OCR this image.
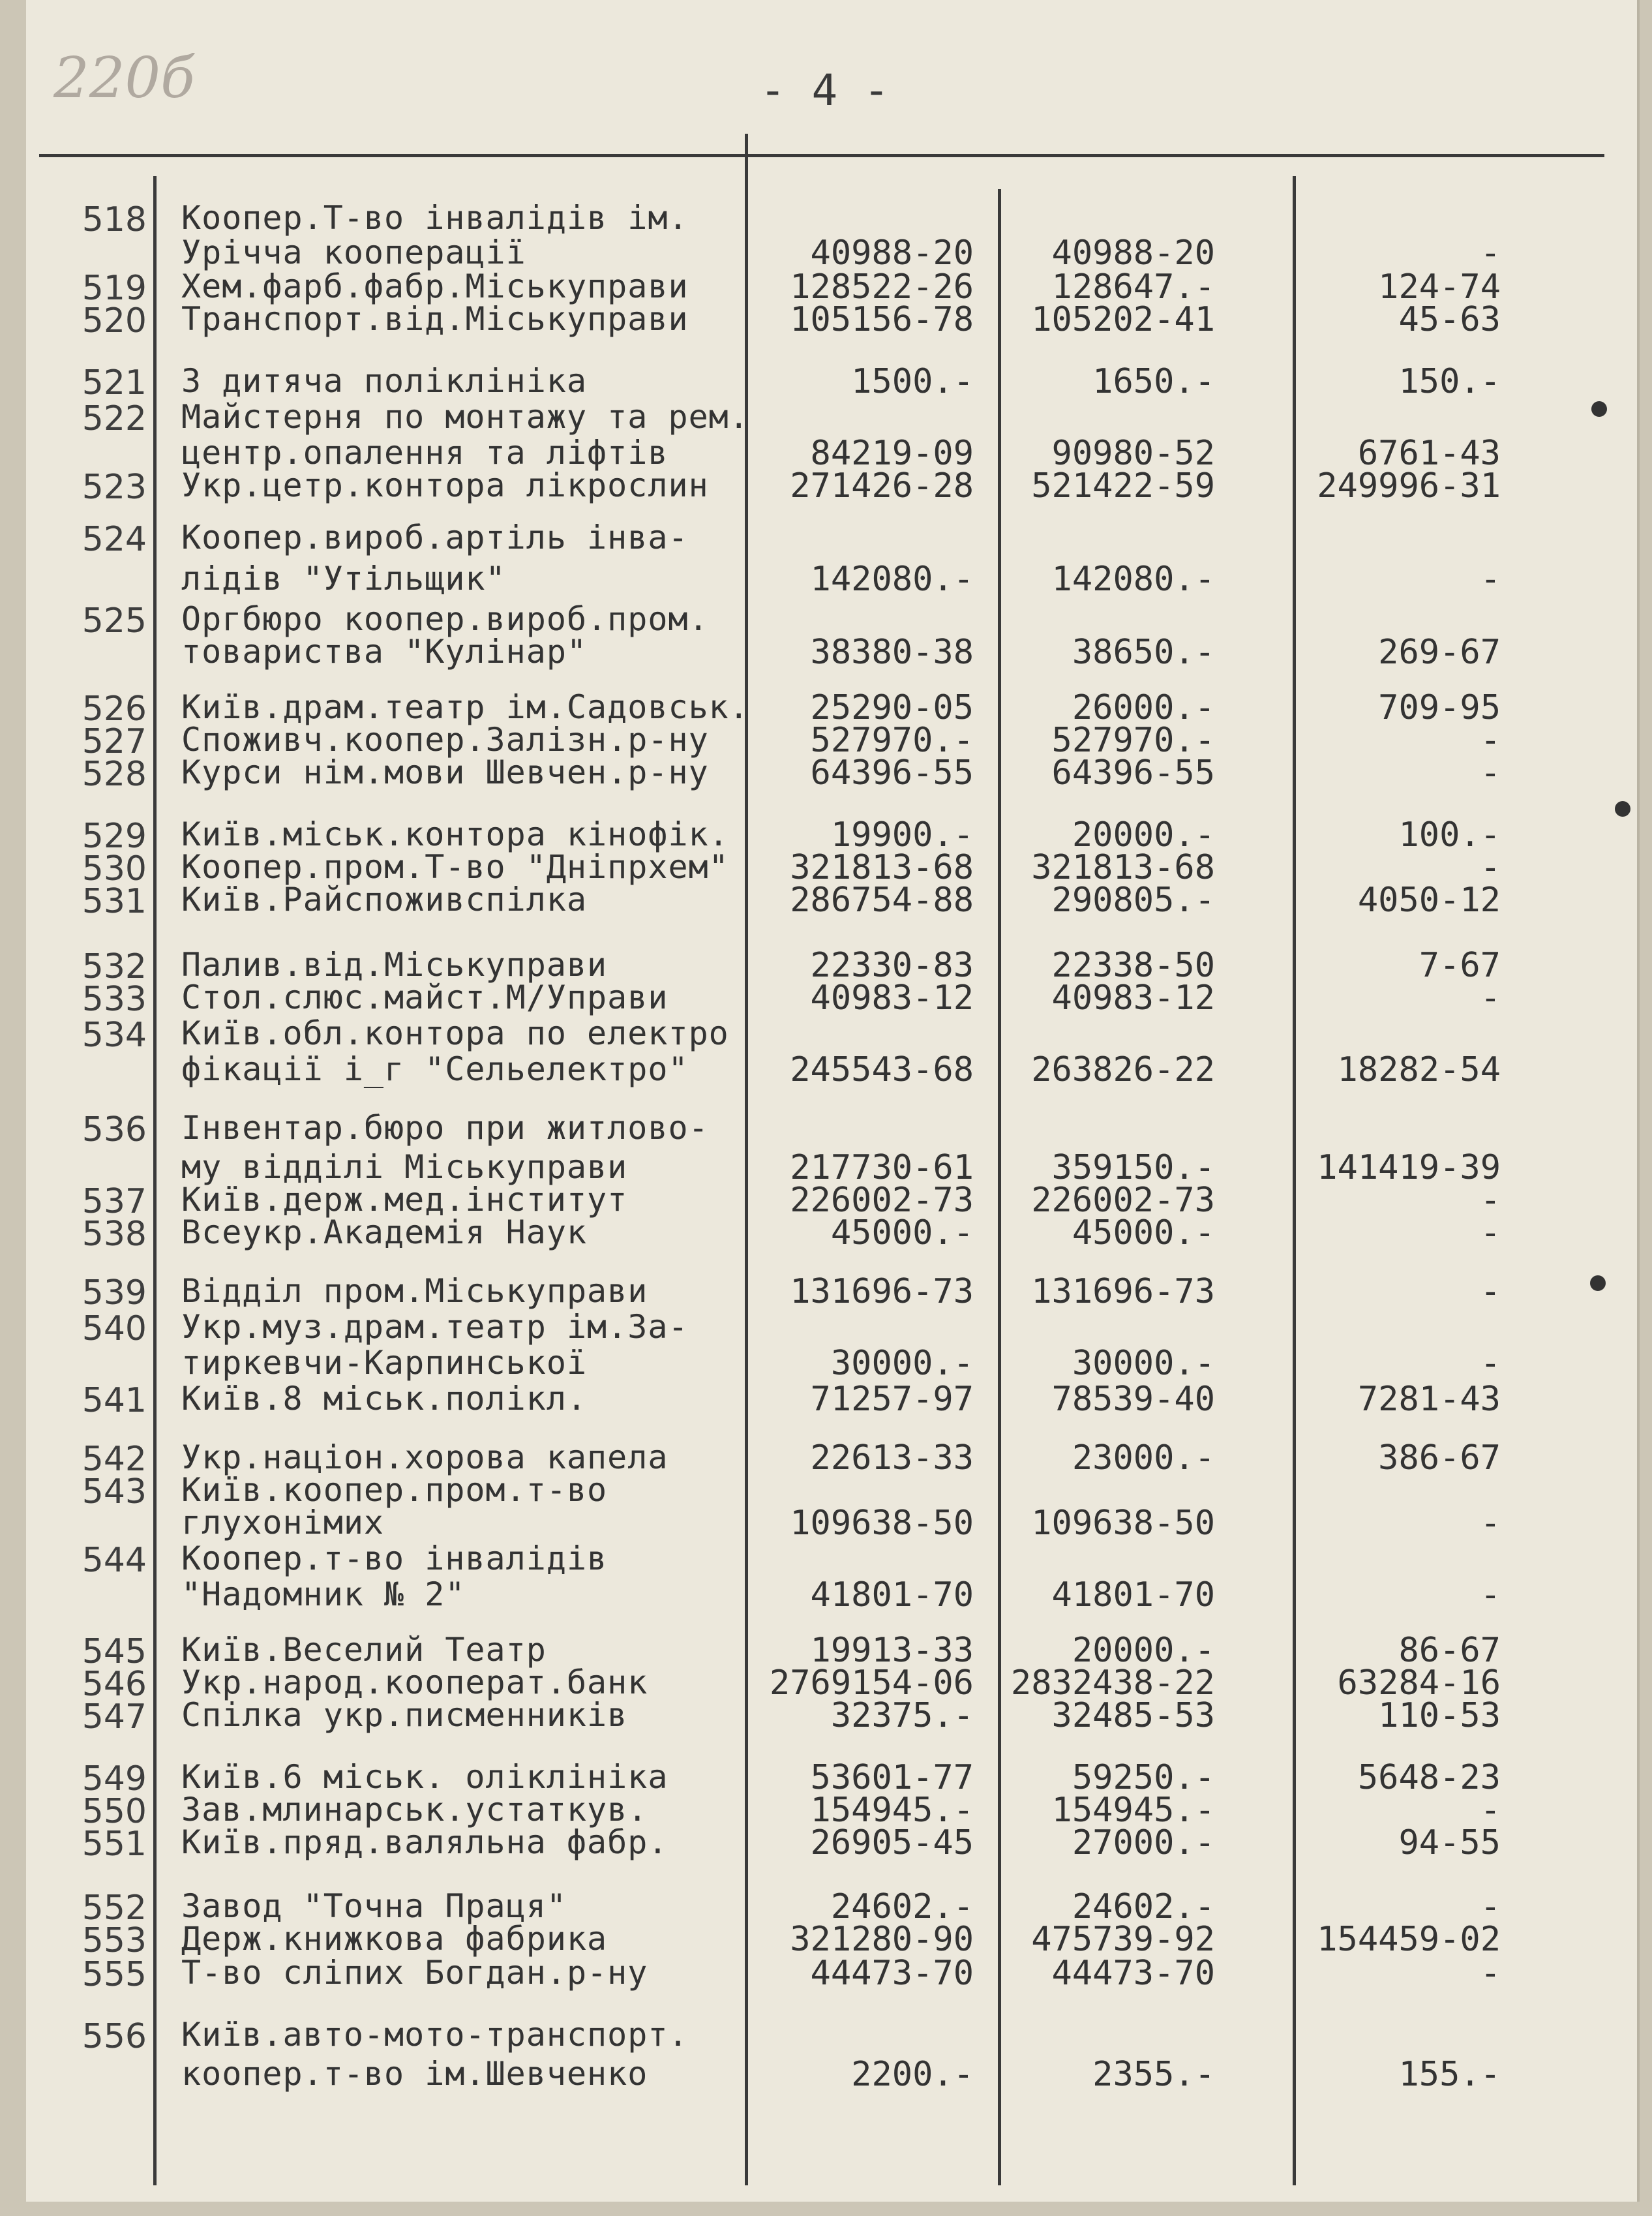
220б	- 4 -
518 Коопер.Т-во інвалідів ім.
Урічча кооперації	40988-20 40988-20	-
519 Хем.фарб.фабр.Міськуправи	128522-26 128647.-	124-74
520 Транспорт.від.Міськуправи	105156-78 105202-41	45-63
521 3 дитяча поліклініка	1500.-	1650.-	150.-
522 Майстерня по монтажу та рем.
центр.опалення та ліфтів	84219-09 90980-52	6761-43
523 Укр.цетр.контора лікрослин 271426-28 521422-59	249996-31
524 Коопер.вироб.артіль інва-
лідів "Утільщик"	142080.- 142080.-	-
525 Оргбюро коопер.вироб.пром.
товариства "Кулінар"	38380-38	38650.-	269-67
526 Київ.драм.театр ім.Садовськ. 25290-05	26000.-	709-95
527 Споживч.коопер.Залізн.р-ну	527970.- 527970.-	-
528 Курси нім.мови Шевчен.р-ну	64396-55 64396-55	-
529 Київ.міськ.контора кінофік.	19900.-	20000.-	100.-
530 Коопер.пром.Т-во "Дніпрхем" 321813-68 321813-68	-
531 Київ.Райспоживспілка	286754-88 290805.-	4050-12
532 Палив.від.Міськуправи	22330-83 22338-50	7-67
533 Стол.слюс.майст.М/Управи	40983-12 40983-12	-
534 Київ.обл.контора по електро
фікації і_г "Сельелектро"	245543-68 263826-22	18282-54
536 Інвентар.бюро при житлово-
му відділі Міськуправи	217730-61 359150.-	141419-39
537 Київ.держ.мед.інститут	226002-73 226002-73	-
538 Всеукр.Академія Наук	45000.-	45000.-	-
539 Відділ пром.Міськуправи	131696-73 131696-73	-
540 Укр.муз.драм.театр ім.За-
тиркевчи-Карпинської	30000.-	30000.-	-
541 Київ.8 міськ.полікл.	71257-97 78539-40	7281-43
542 Укр.націон.хорова капела	22613-33	23000.-	386-67
543 Київ.коопер.пром.т-во
глухонімих	109638-50 109638-50	-
544 Коопер.т-во інвалідів
"Надомник № 2"	41801-70 41801-70	-
545 Київ.Веселий Театр	19913-33	20000.-	86-67
546 Укр.народ.кооперат.банк	2769154-06 2832438-22	63284-16
547 Спілка укр.писменників	32375.- 32485-53	110-53
549 Київ.6 міськ. оліклініка	53601-77	59250.-	5648-23
550 Зав.млинарськ.устаткув.	154945.- 154945.-	-
551 Київ.пряд.валяльна фабр.	26905-45	27000.-	94-55
552 Завод "Точна Праця"	24602.-	24602.-	-
553 Держ.книжкова фабрика	321280-90 475739-92	154459-02
555 Т-во сліпих Богдан.р-ну	44473-70 44473-70	-
556 Київ.авто-мото-транспорт.
коопер.т-во ім.Шевченко	2200.-	2355.-	155.-
